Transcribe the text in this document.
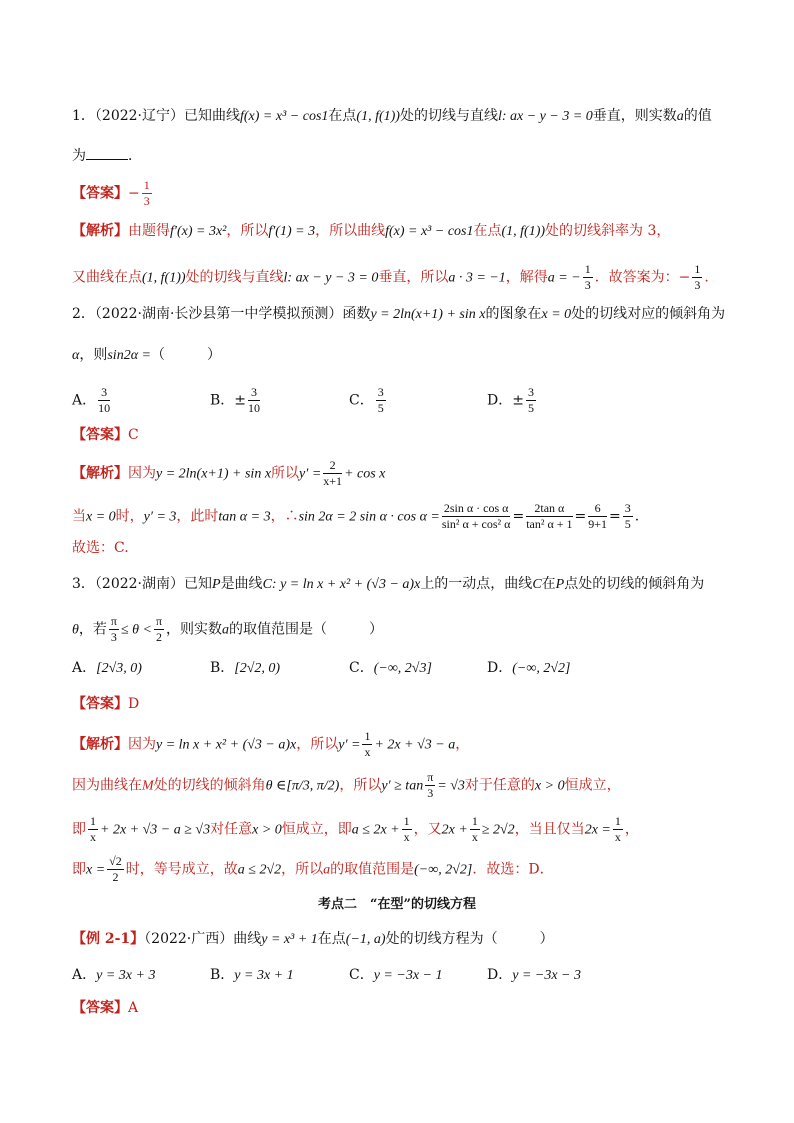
1．（2022·辽宁）已知曲线f(x) = x³ − cos1在点(1, f(1))处的切线与直线l: ax − y − 3 = 0垂直，则实数a的值
为	．
【答案】− $\frac{1}{3}$
【解析】由题得f′(x) = 3x²，所以f′(1) = 3，所以曲线f(x) = x³ − cos1在点(1, f(1))处的切线斜率为 3，
又曲线在点(1, f(1))处的切线与直线l: ax − y − 3 = 0垂直，所以a · 3 = −1，解得a = − $\frac{1}{3}$ ．故答案为：− $\frac{1}{3}$ .
2．（2022·湖南·长沙县第一中学模拟预测）函数y = 2ln(x+1) + sin x的图象在x = 0处的切线对应的倾斜角为
α，则sin2α =（　　　）
A． $\frac{3}{10}$	B．± $\frac{3}{10}$	C． $\frac{3}{5}$	D．± $\frac{3}{5}$
【答案】C
【解析】因为y = 2ln(x+1) + sin x所以$y' = \frac{2}{x+1} + \cos x$
当x = 0时，y′ = 3，此时tan α = 3，∴sin 2α = 2 $\sin \alpha \cdot \cos \alpha = \frac{\text{2sin α · cos α}}{\text{sin² α + cos² α}} = \frac{\text{2tan α}}{\text{tan² α + 1}} = \frac{6}{9+1} = \frac{3}{5}$ .
故选：C.
3．（2022·湖南）已知P是曲线C: y = ln x + x² + (√3 − a)x上的一动点，曲线C在P点处的切线的倾斜角为
θ，若 $\frac{\pi}{3} \le \theta < \frac{\pi}{2}$ ，则实数a的取值范围是（　　　）
A．[2√3, 0)	B．[2√2, 0)	C．(−∞, 2√3]	D．(−∞, 2√2]
【答案】D
【解析】因为y = ln x + x² + (√3 − a)x，所以$y' = \frac{1}{x} + 2x + √3 - a$，
因为曲线在M处的切线的倾斜角θ ∈[π/3, π/2)，所以$y' \ge \tan \frac{\pi}{3} = √3$对于任意的x > 0恒成立，
即 $\frac{1}{x} + 2x + √3 - a \ge √3$对任意x > 0恒成立，即$a \le 2x + \frac{1}{x}$ ，又$2x + \frac{1}{x} \ge 2√2$，当且仅当$2x = \frac{1}{x}$ ，
即$x = \frac{√2}{2}$ 时，等号成立，故a ≤ 2√2，所以a的取值范围是(−∞, 2√2]．故选：D．
考点二　“在型”的切线方程
【例 2-1】（2022·广西）曲线y = x³ + 1在点(−1, a)处的切线方程为（　　　）
A．y = 3x + 3	B．y = 3x + 1	C．y = −3x − 1	D．y = −3x − 3
【答案】A
